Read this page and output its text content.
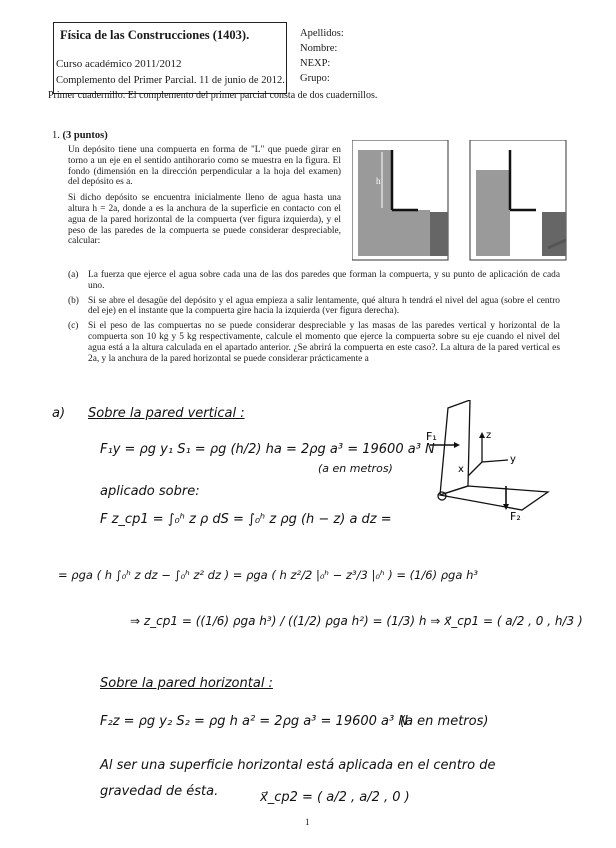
Física de las Construcciones (1403).
Curso académico 2011/2012
Complemento del Primer Parcial. 11 de junio de 2012.
Primer cuadernillo. El complemento del primer parcial consta de dos cuadernillos.
Apellidos:
Nombre:
NEXP:
Grupo:
1. (3 puntos)

Un depósito tiene una compuerta en forma de "L" que puede girar en torno a un eje en el sentido antihorario como se muestra en la figura. El fondo (dimensión en la dirección perpendicular a la hoja del examen) del depósito es a.

Si dicho depósito se encuentra inicialmente lleno de agua hasta una altura h = 2a, donde a es la anchura de la superficie en contacto con el agua de la pared horizontal de la compuerta (ver figura izquierda), y el peso de las paredes de la compuerta se puede considerar despreciable, calcular:

h
(a)	La fuerza que ejerce el agua sobre cada una de las dos paredes que forman la compuerta, y su punto de aplicación de cada uno.
(b) Si se abre el desagüe del depósito y el agua empieza a salir lentamente, qué altura h tendrá el nivel del agua (sobre el centro del eje) en el instante que la compuerta gire hacia la izquierda (ver figura derecha).
(c)	Si el peso de las compuertas no se puede considerar despreciable y las masas de las paredes vertical y horizontal de la compuerta son 10 kg y 5 kg respectivamente, calcule el momento que ejerce la compuerta sobre su eje cuando el nivel del agua está a la altura calculada en el apartado anterior. ¿Se abrirá la compuerta en este caso?. La altura de la pared vertical es 2a, y la anchura de la pared horizontal se puede considerar prácticamente a
a) Sobre la pared vertical :
F₁y = ρg y₁ S₁ = ρg (h/2) ha = 2ρg a³ = 19600 a³ N
(a en metros)
aplicado sobre:
F z_cp1 = ∫₀ʰ z ρ dS = ∫₀ʰ z ρg (h − z) a dz =
= ρga ( h ∫₀ʰ z dz − ∫₀ʰ z² dz ) = ρga ( h z²/2 |₀ʰ − z³/3 |₀ʰ ) = (1/6) ρga h³
⇒ z_cp1 = ((1/6) ρga h³) / ((1/2) ρga h²) = (1/3) h ⇒ x⃗_cp1 = ( a/2 , 0 , h/3 )
Sobre la pared horizontal :
F₂z = ρg y₂ S₂ = ρg h a² = 2ρg a³ = 19600 a³ N
(a en metros)
Al ser una superficie horizontal está aplicada en el centro de
gravedad de ésta.	x⃗_cp2 = ( a/2 , a/2 , 0 )
F₁	z
y
x
F₂
1
